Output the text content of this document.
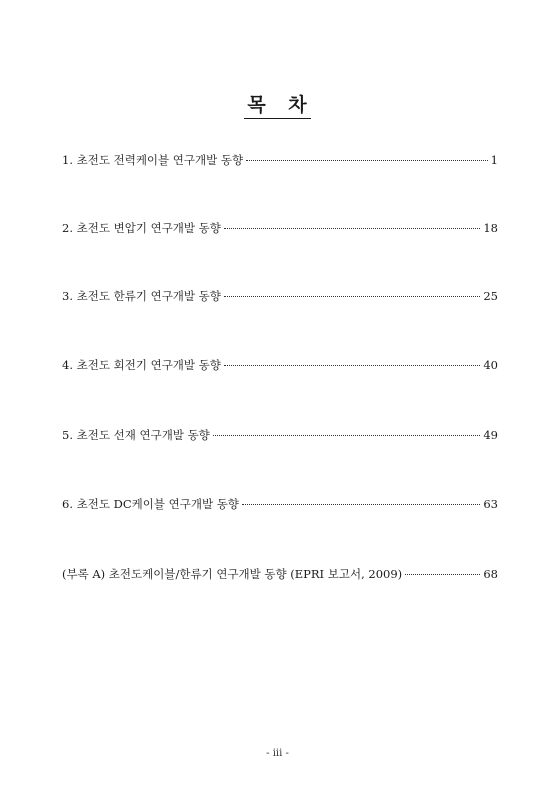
목 차
1. 초전도 전력케이블 연구개발 동향	1
2. 초전도 변압기 연구개발 동향	18
3. 초전도 한류기 연구개발 동향	25
4. 초전도 회전기 연구개발 동향	40
5. 초전도 선재 연구개발 동향	49
6. 초전도 DC케이블 연구개발 동향	63
(부록 A) 초전도케이블/한류기 연구개발 동향 (EPRI 보고서, 2009)	68
- iii -
